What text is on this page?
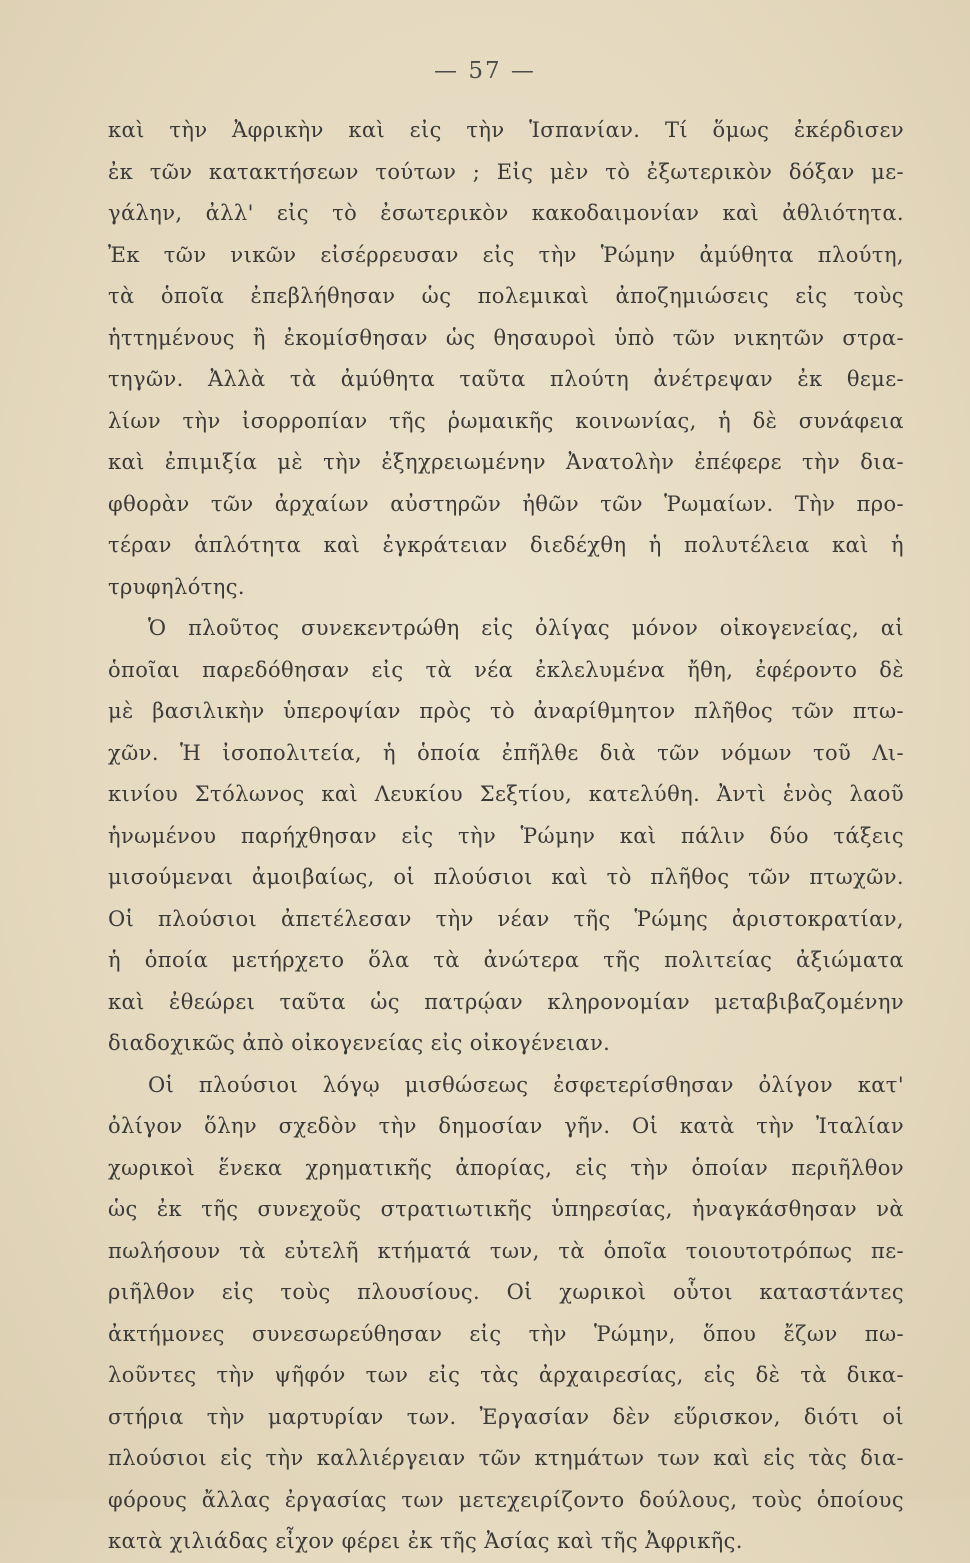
— 57 —
καὶ τὴν Ἀφρικὴν καὶ εἰς τὴν Ἱσπανίαν. Τί ὅμως ἐκέρδισεν
ἐκ τῶν κατακτήσεων τούτων ; Εἰς μὲν τὸ ἐξωτερικὸν δόξαν με-
γάλην, ἀλλ' εἰς τὸ ἐσωτερικὸν κακοδαιμονίαν καὶ ἀθλιότητα.
Ἐκ τῶν νικῶν εἰσέρρευσαν εἰς τὴν Ῥώμην ἀμύθητα πλούτη,
τὰ ὁποῖα ἐπεβλήθησαν ὡς πολεμικαὶ ἀποζημιώσεις εἰς τοὺς
ἡττημένους ἢ ἐκομίσθησαν ὡς θησαυροὶ ὑπὸ τῶν νικητῶν στρα-
τηγῶν. Ἀλλὰ τὰ ἀμύθητα ταῦτα πλούτη ἀνέτρεψαν ἐκ θεμε-
λίων τὴν ἰσορροπίαν τῆς ῥωμαικῆς κοινωνίας, ἡ δὲ συνάφεια
καὶ ἐπιμιξία μὲ τὴν ἐξηχρειωμένην Ἀνατολὴν ἐπέφερε τὴν δια-
φθορὰν τῶν ἀρχαίων αὐστηρῶν ἠθῶν τῶν Ῥωμαίων. Τὴν προ-
τέραν ἁπλότητα καὶ ἐγκράτειαν διεδέχθη ἡ πολυτέλεια καὶ ἡ
τρυφηλότης.
Ὁ πλοῦτος συνεκεντρώθη εἰς ὀλίγας μόνον οἰκογενείας, αἱ
ὁποῖαι παρεδόθησαν εἰς τὰ νέα ἐκλελυμένα ἤθη, ἐφέροντο δὲ
μὲ βασιλικὴν ὑπεροψίαν πρὸς τὸ ἀναρίθμητον πλῆθος τῶν πτω-
χῶν. Ἡ ἰσοπολιτεία, ἡ ὁποία ἐπῆλθε διὰ τῶν νόμων τοῦ Λι-
κινίου Στόλωνος καὶ Λευκίου Σεξτίου, κατελύθη. Ἀντὶ ἑνὸς λαοῦ
ἡνωμένου παρήχθησαν εἰς τὴν Ῥώμην καὶ πάλιν δύο τάξεις
μισούμεναι ἀμοιβαίως, οἱ πλούσιοι καὶ τὸ πλῆθος τῶν πτωχῶν.
Οἱ πλούσιοι ἀπετέλεσαν τὴν νέαν τῆς Ῥώμης ἀριστοκρατίαν,
ἡ ὁποία μετήρχετο ὅλα τὰ ἀνώτερα τῆς πολιτείας ἀξιώματα
καὶ ἐθεώρει ταῦτα ὡς πατρῴαν κληρονομίαν μεταβιβαζομένην
διαδοχικῶς ἀπὸ οἰκογενείας εἰς οἰκογένειαν.
Οἱ πλούσιοι λόγῳ μισθώσεως ἐσφετερίσθησαν ὀλίγον κατ'
ὀλίγον ὅλην σχεδὸν τὴν δημοσίαν γῆν. Οἱ κατὰ τὴν Ἰταλίαν
χωρικοὶ ἕνεκα χρηματικῆς ἀπορίας, εἰς τὴν ὁποίαν περιῆλθον
ὡς ἐκ τῆς συνεχοῦς στρατιωτικῆς ὑπηρεσίας, ἠναγκάσθησαν νὰ
πωλήσουν τὰ εὐτελῆ κτήματά των, τὰ ὁποῖα τοιουτοτρόπως πε-
ριῆλθον εἰς τοὺς πλουσίους. Οἱ χωρικοὶ οὗτοι καταστάντες
ἀκτήμονες συνεσωρεύθησαν εἰς τὴν Ῥώμην, ὅπου ἔζων πω-
λοῦντες τὴν ψῆφόν των εἰς τὰς ἀρχαιρεσίας, εἰς δὲ τὰ δικα-
στήρια τὴν μαρτυρίαν των. Ἐργασίαν δὲν εὕρισκον, διότι οἱ
πλούσιοι εἰς τὴν καλλιέργειαν τῶν κτημάτων των καὶ εἰς τὰς δια-
φόρους ἄλλας ἐργασίας των μετεχειρίζοντο δούλους, τοὺς ὁποίους
κατὰ χιλιάδας εἶχον φέρει ἐκ τῆς Ἀσίας καὶ τῆς Ἀφρικῆς.
